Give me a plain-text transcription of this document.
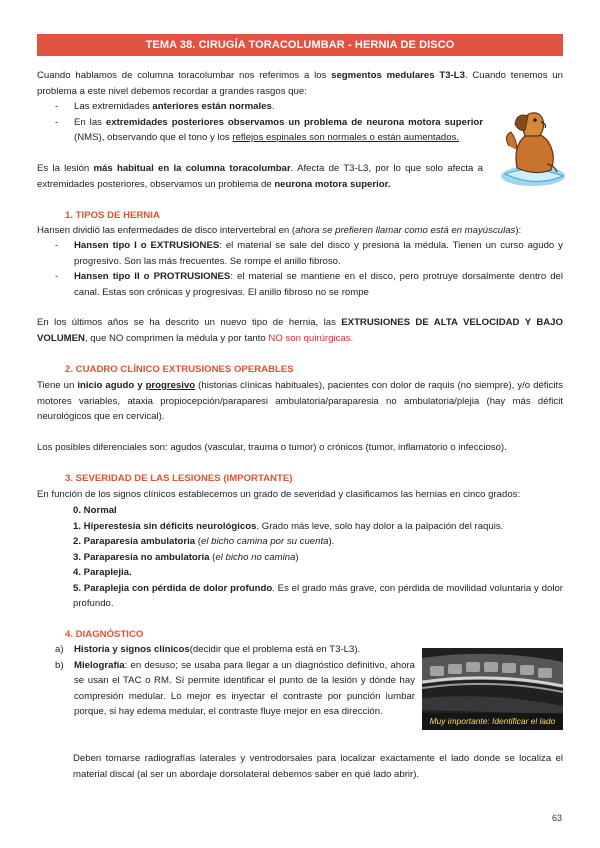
TEMA 38. CIRUGÍA TORACOLUMBAR - HERNIA DE DISCO
Cuando hablamos de columna toracolumbar nos referimos a los segmentos medulares T3-L3. Cuando tenemos un problema a este nivel debemos recordar a grandes rasgos que:
- Las extremidades anteriores están normales.
- En las extremidades posteriores observamos un problema de neurona motora superior (NMS), observando que el tono y los reflejos espinales son normales o están aumentados.
Es la lesión más habitual en la columna toracolumbar. Afecta de T3-L3, por lo que solo afecta a extremidades posteriores, observamos un problema de neurona motora superior.
1. TIPOS DE HERNIA
Hansen dividió las enfermedades de disco intervertebral en (ahora se prefieren llamar como está en mayúsculas):
- Hansen tipo I o EXTRUSIONES: el material se sale del disco y presiona la médula. Tienen un curso agudo y progresivo. Son las más frecuentes. Se rompe el anillo fibroso.
- Hansen tipo II o PROTRUSIONES: el material se mantiene en el disco, pero protruye dorsalmente dentro del canal. Estas son crónicas y progresivas. El anillo fibroso no se rompe
En los últimos años se ha descrito un nuevo tipo de hernia, las EXTRUSIONES DE ALTA VELOCIDAD Y BAJO VOLUMEN, que NO comprimen la médula y por tanto NO son quirúrgicas.
2. CUADRO CLÍNICO EXTRUSIONES OPERABLES
Tiene un inicio agudo y progresivo (historias clínicas habituales), pacientes con dolor de raquis (no siempre), y/o déficits motores variables, ataxia propiocepción/paraparesi ambulatoria/paraparesia no ambulatoria/plejia (hay más déficit neurológicos que en cervical).
Los posibles diferenciales son: agudos (vascular, trauma o tumor) o crónicos (tumor, inflamatorio o infeccioso).
3. SEVERIDAD DE LAS LESIONES (IMPORTANTE)
En función de los signos clínicos establecemos un grado de severidad y clasificamos las hernias en cinco grados:
0. Normal
1. Hiperestesia sin déficits neurológicos. Grado más leve, solo hay dolor a la palpación del raquis.
2. Paraparesia ambulatoria (el bicho camina por su cuenta).
3. Paraparesia no ambulatoria (el bicho no camina)
4. Paraplejia.
5. Paraplejia con pérdida de dolor profundo. Es el grado más grave, con pérdida de movilidad voluntaria y dolor profundo.
4. DIAGNÓSTICO
a) Historia y signos clínicos(decidir que el problema está en T3-L3).
b) Mielografía: en desuso; se usaba para llegar a un diagnóstico definitivo, ahora se usan el TAC o RM. Sí permite identificar el punto de la lesión y dónde hay compresión medular. Lo mejor es inyectar el contraste por punción lumbar porque, si hay edema medular, el contraste fluye mejor en esa dirección.
Muy importante: Identificar el lado
Deben tomarse radiografías laterales y ventrodorsales para localizar exactamente el lado donde se localiza el material discal (al ser un abordaje dorsolateral debemos saber en qué lado abrir).
63
